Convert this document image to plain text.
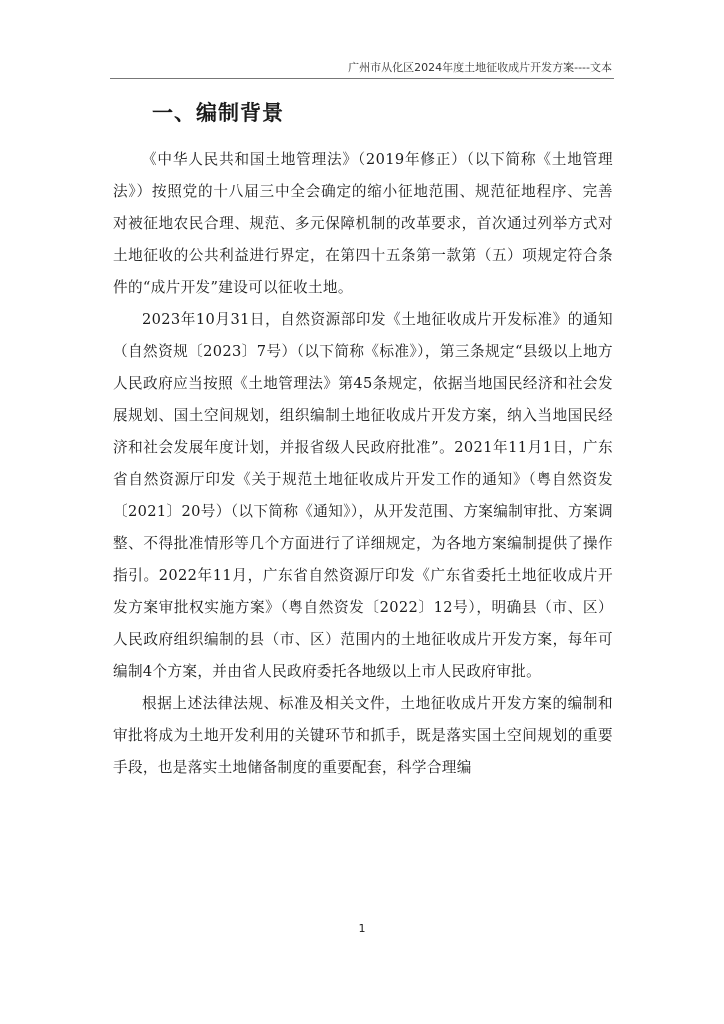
广州市从化区2024年度土地征收成片开发方案----文本
一、编制背景

《中华人民共和国土地管理法》（2019年修正）（以下简称《土地管理法》）按照党的十八届三中全会确定的缩小征地范围、规范征地程序、完善对被征地农民合理、规范、多元保障机制的改革要求，首次通过列举方式对土地征收的公共利益进行界定，在第四十五条第一款第（五）项规定符合条件的“成片开发”建设可以征收土地。

2023年10月31日，自然资源部印发《土地征收成片开发标准》的通知（自然资规〔2023〕7号）（以下简称《标准》），第三条规定“县级以上地方人民政府应当按照《土地管理法》第45条规定，依据当地国民经济和社会发展规划、国土空间规划，组织编制土地征收成片开发方案，纳入当地国民经济和社会发展年度计划，并报省级人民政府批准”。2021年11月1日，广东省自然资源厅印发《关于规范土地征收成片开发工作的通知》（粤自然资发〔2021〕20号）（以下简称《通知》），从开发范围、方案编制审批、方案调整、不得批准情形等几个方面进行了详细规定，为各地方案编制提供了操作指引。2022年11月，广东省自然资源厅印发《广东省委托土地征收成片开发方案审批权实施方案》（粤自然资发〔2022〕12号），明确县（市、区）人民政府组织编制的县（市、区）范围内的土地征收成片开发方案，每年可编制4个方案，并由省人民政府委托各地级以上市人民政府审批。

根据上述法律法规、标准及相关文件，土地征收成片开发方案的编制和审批将成为土地开发利用的关键环节和抓手，既是落实国土空间规划的重要手段，也是落实土地储备制度的重要配套，科学合理编

1
